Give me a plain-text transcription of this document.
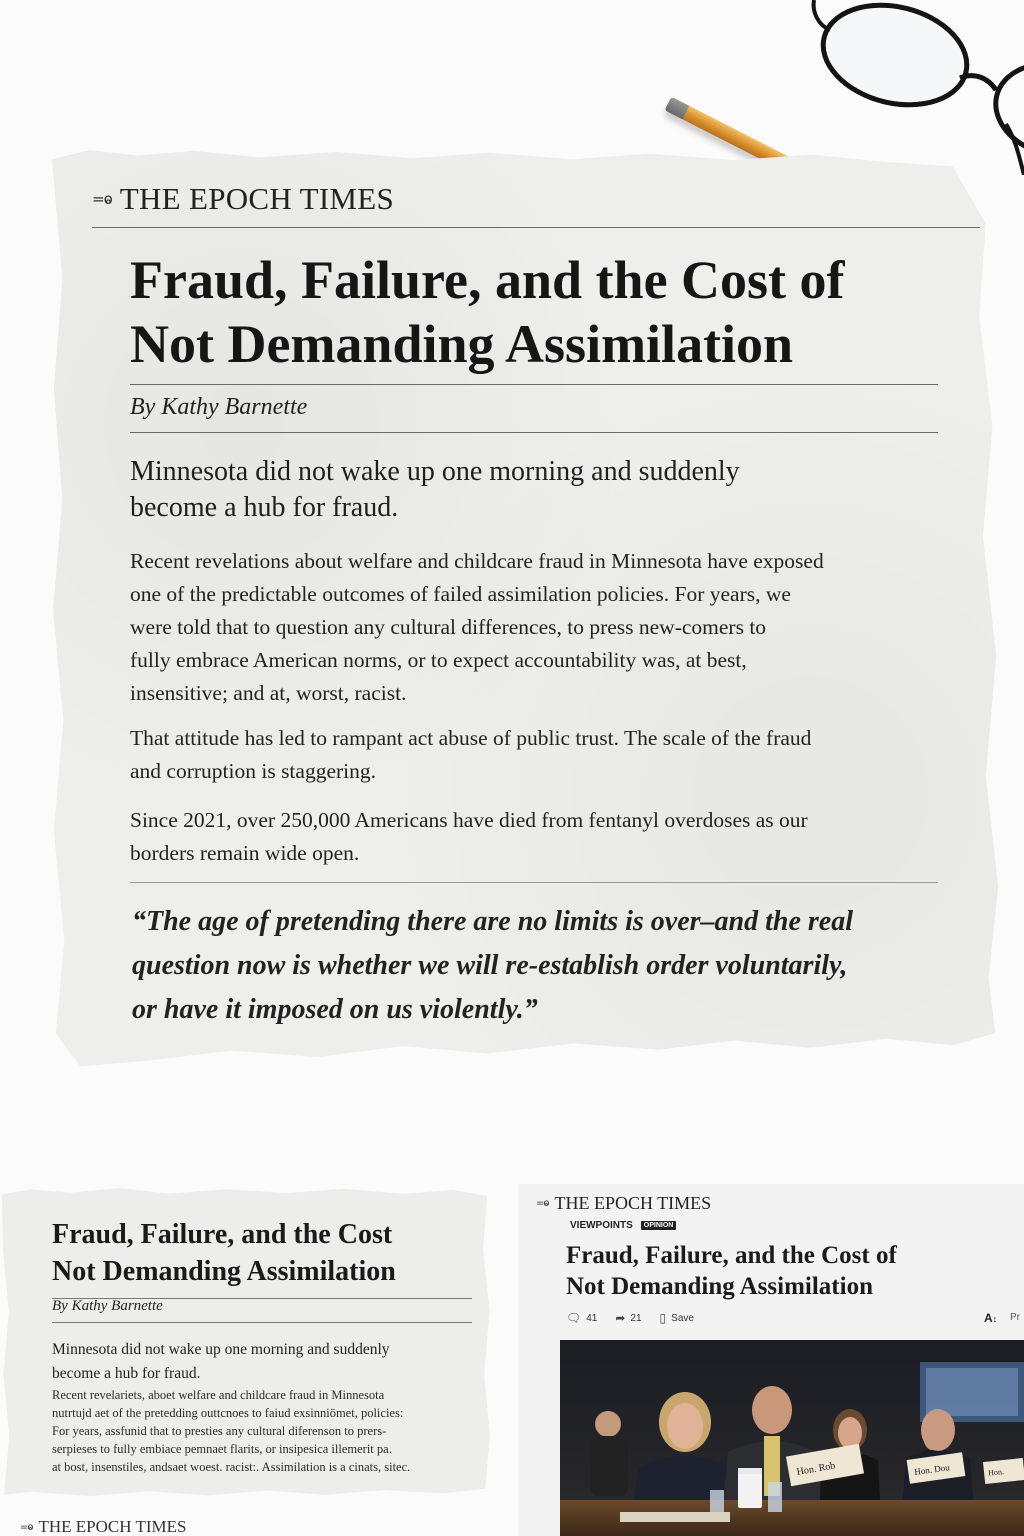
=ⱺ THE EPOCH TIMES
Fraud, Failure, and the Cost of
Not Demanding Assimilation
By Kathy Barnette
Minnesota did not wake up one morning and suddenly
become a hub for fraud.
Recent revelations about welfare and childcare fraud in Minnesota have exposed
one of the predictable outcomes of failed assimilation policies. For years, we
were told that to question any cultural differences, to press new-comers to
fully embrace American norms, or to expect accountability was, at best,
insensitive; and at, worst, racist.
That attitude has led to rampant act abuse of public trust. The scale of the fraud
and corruption is staggering.
Since 2021, over 250,000 Americans have died from fentanyl overdoses as our
borders remain wide open.
“The age of pretending there are no limits is over–and the real
question now is whether we will re-establish order voluntarily,
or have it imposed on us violently.”
Fraud, Failure, and the Cost
Not Demanding Assimilation
By Kathy Barnette
Minnesota did not wake up one morning and suddenly
become a hub for fraud.
Recent revelariets, aboet welfare and childcare fraud in Minnesota
nutrtujd aet of the pretedding outtcnoes to faiud exsinniömet, policies:
For years, assfunid that to presties any cultural diferenson to prers-
serpieses to fully embiace pemnaet flarits, or insipesica illemerit pa.
at bost, insenstiles, andsaet woest. racist:. Assimilation is a cinats, sitec.
=ⱺ THE EPOCH TIMES
=ⱺ THE EPOCH TIMES
VIEWPOINTS	OPINION
Fraud, Failure, and the Cost of
Not Demanding Assimilation
🗨 41 ➦ 21 ▯ Save	A↕ Pr
Hon. Rob	Hon. Dou	Hon.
